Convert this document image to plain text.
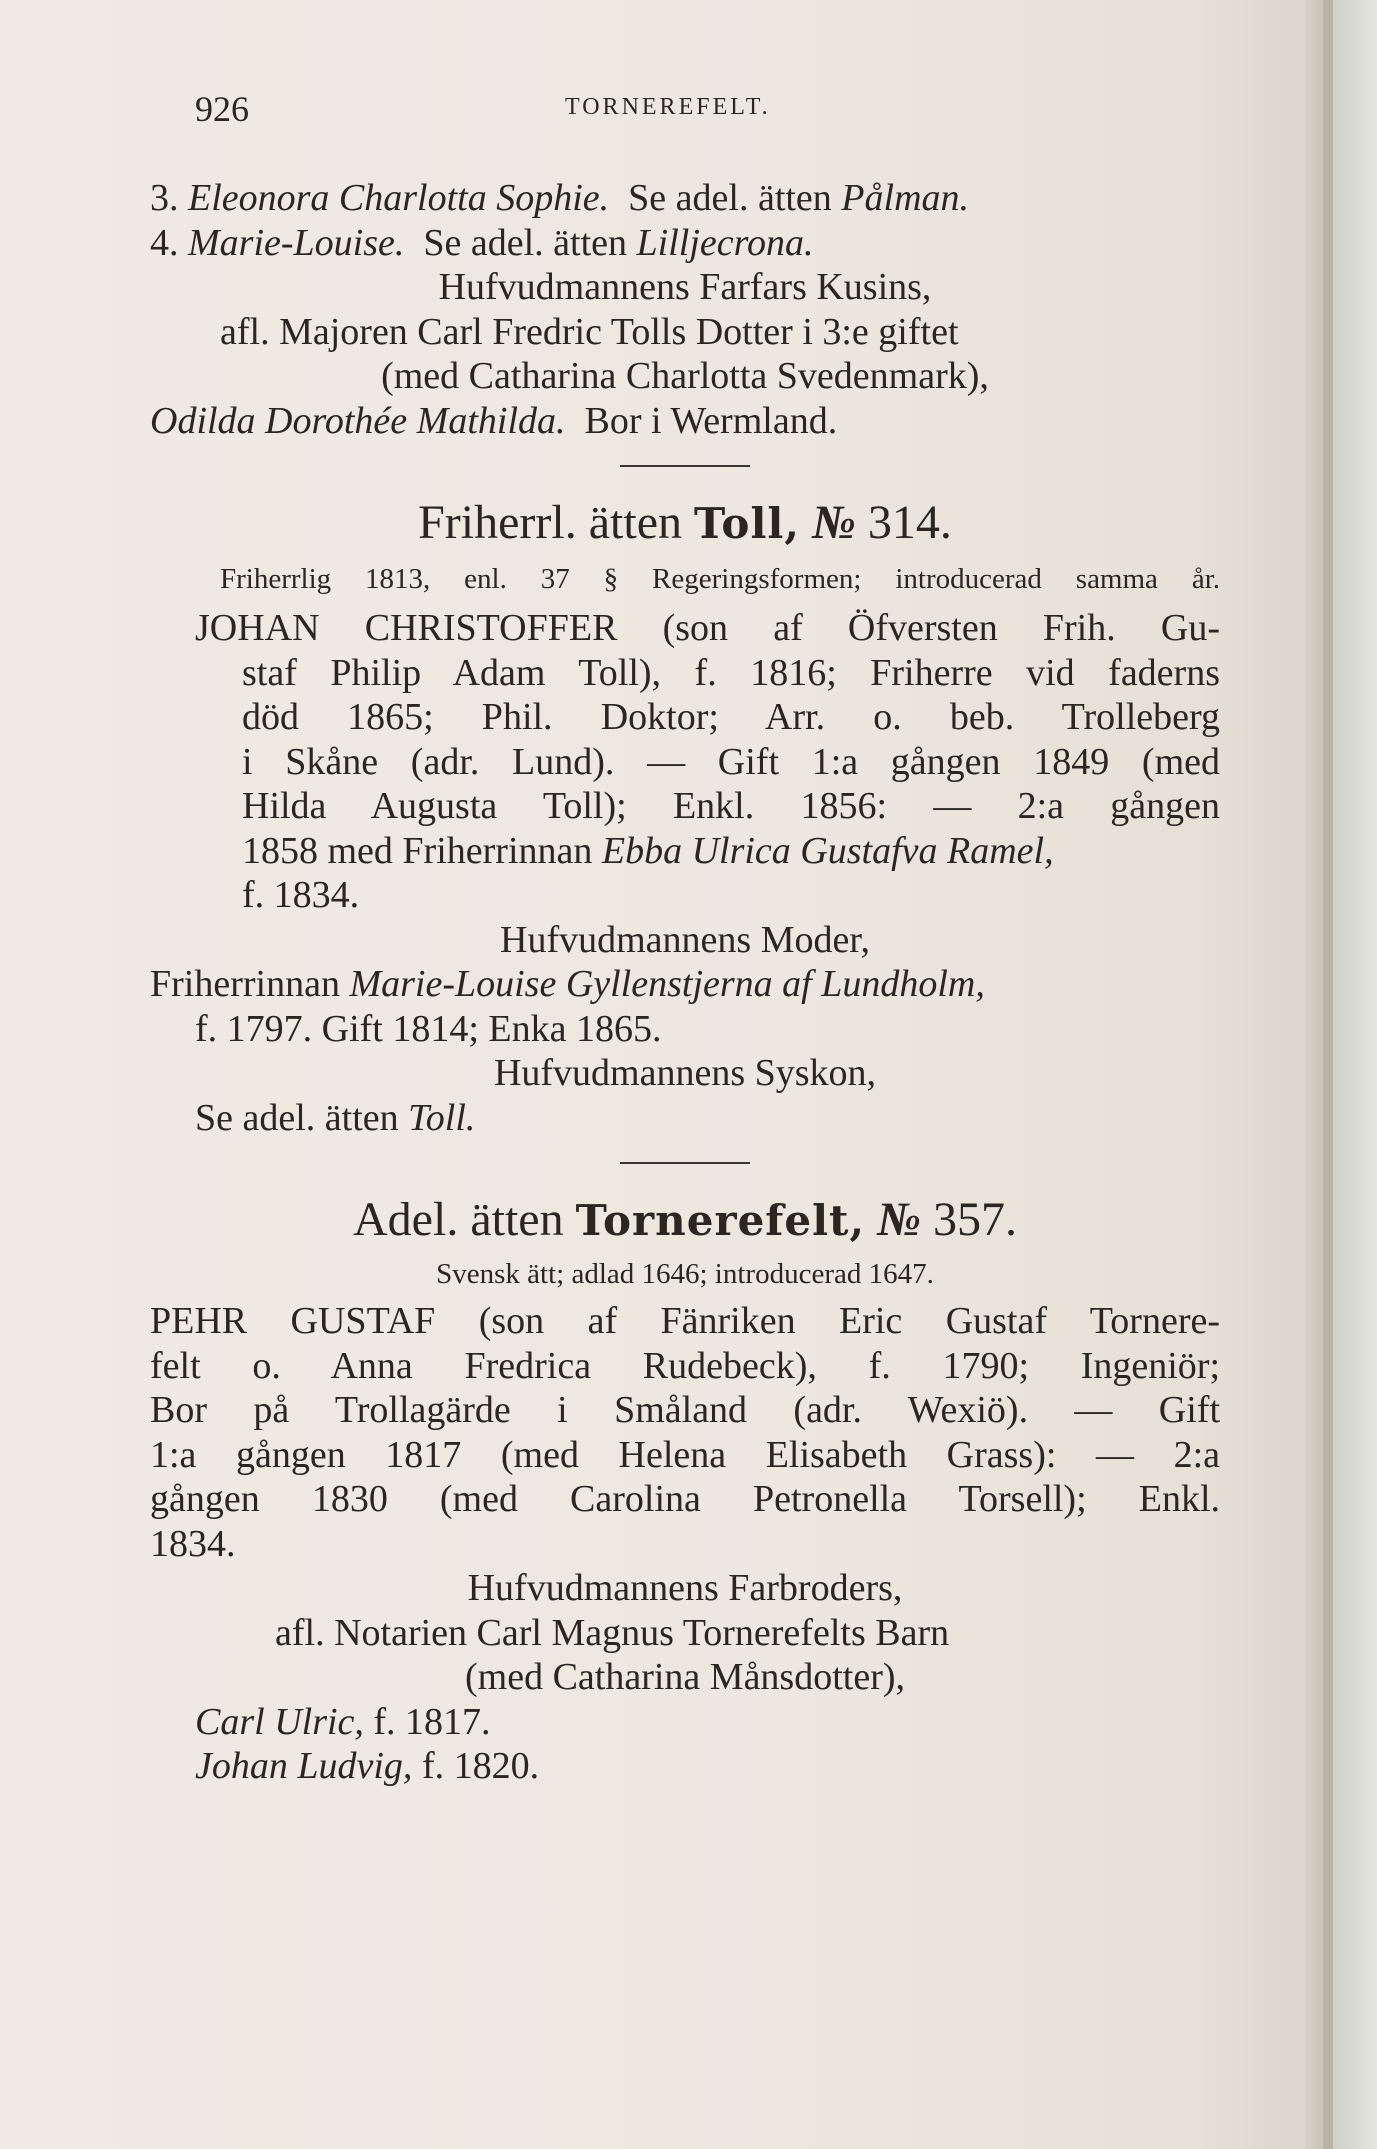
926	TORNEREFELT.
3. Eleonora Charlotta Sophie. Se adel. ätten Pålman.
4. Marie-Louise. Se adel. ätten Lilljecrona.
Hufvudmannens Farfars Kusins,
afl. Majoren Carl Fredric Tolls Dotter i 3:e giftet
(med Catharina Charlotta Svedenmark),
Odilda Dorothée Mathilda. Bor i Wermland.
Friherrl. ätten Toll, № 314.
Friherrlig 1813, enl. 37 § Regeringsformen; introducerad samma år.
JOHAN CHRISTOFFER (son af Öfversten Frih. Gu-
staf Philip Adam Toll), f. 1816; Friherre vid faderns
död 1865; Phil. Doktor; Arr. o. beb. Trolleberg
i Skåne (adr. Lund). — Gift 1:a gången 1849 (med
Hilda Augusta Toll); Enkl. 1856: — 2:a gången
1858 med Friherrinnan Ebba Ulrica Gustafva Ramel,
f. 1834.
Hufvudmannens Moder,
Friherrinnan Marie-Louise Gyllenstjerna af Lundholm,
f. 1797. Gift 1814; Enka 1865.
Hufvudmannens Syskon,
Se adel. ätten Toll.
Adel. ätten Tornerefelt, № 357.
Svensk ätt; adlad 1646; introducerad 1647.
PEHR GUSTAF (son af Fänriken Eric Gustaf Tornere-
felt o. Anna Fredrica Rudebeck), f. 1790; Ingeniör;
Bor på Trollagärde i Småland (adr. Wexiö). — Gift
1:a gången 1817 (med Helena Elisabeth Grass): — 2:a
gången 1830 (med Carolina Petronella Torsell); Enkl.
1834.
Hufvudmannens Farbroders,
afl. Notarien Carl Magnus Tornerefelts Barn
(med Catharina Månsdotter),
Carl Ulric, f. 1817.
Johan Ludvig, f. 1820.
